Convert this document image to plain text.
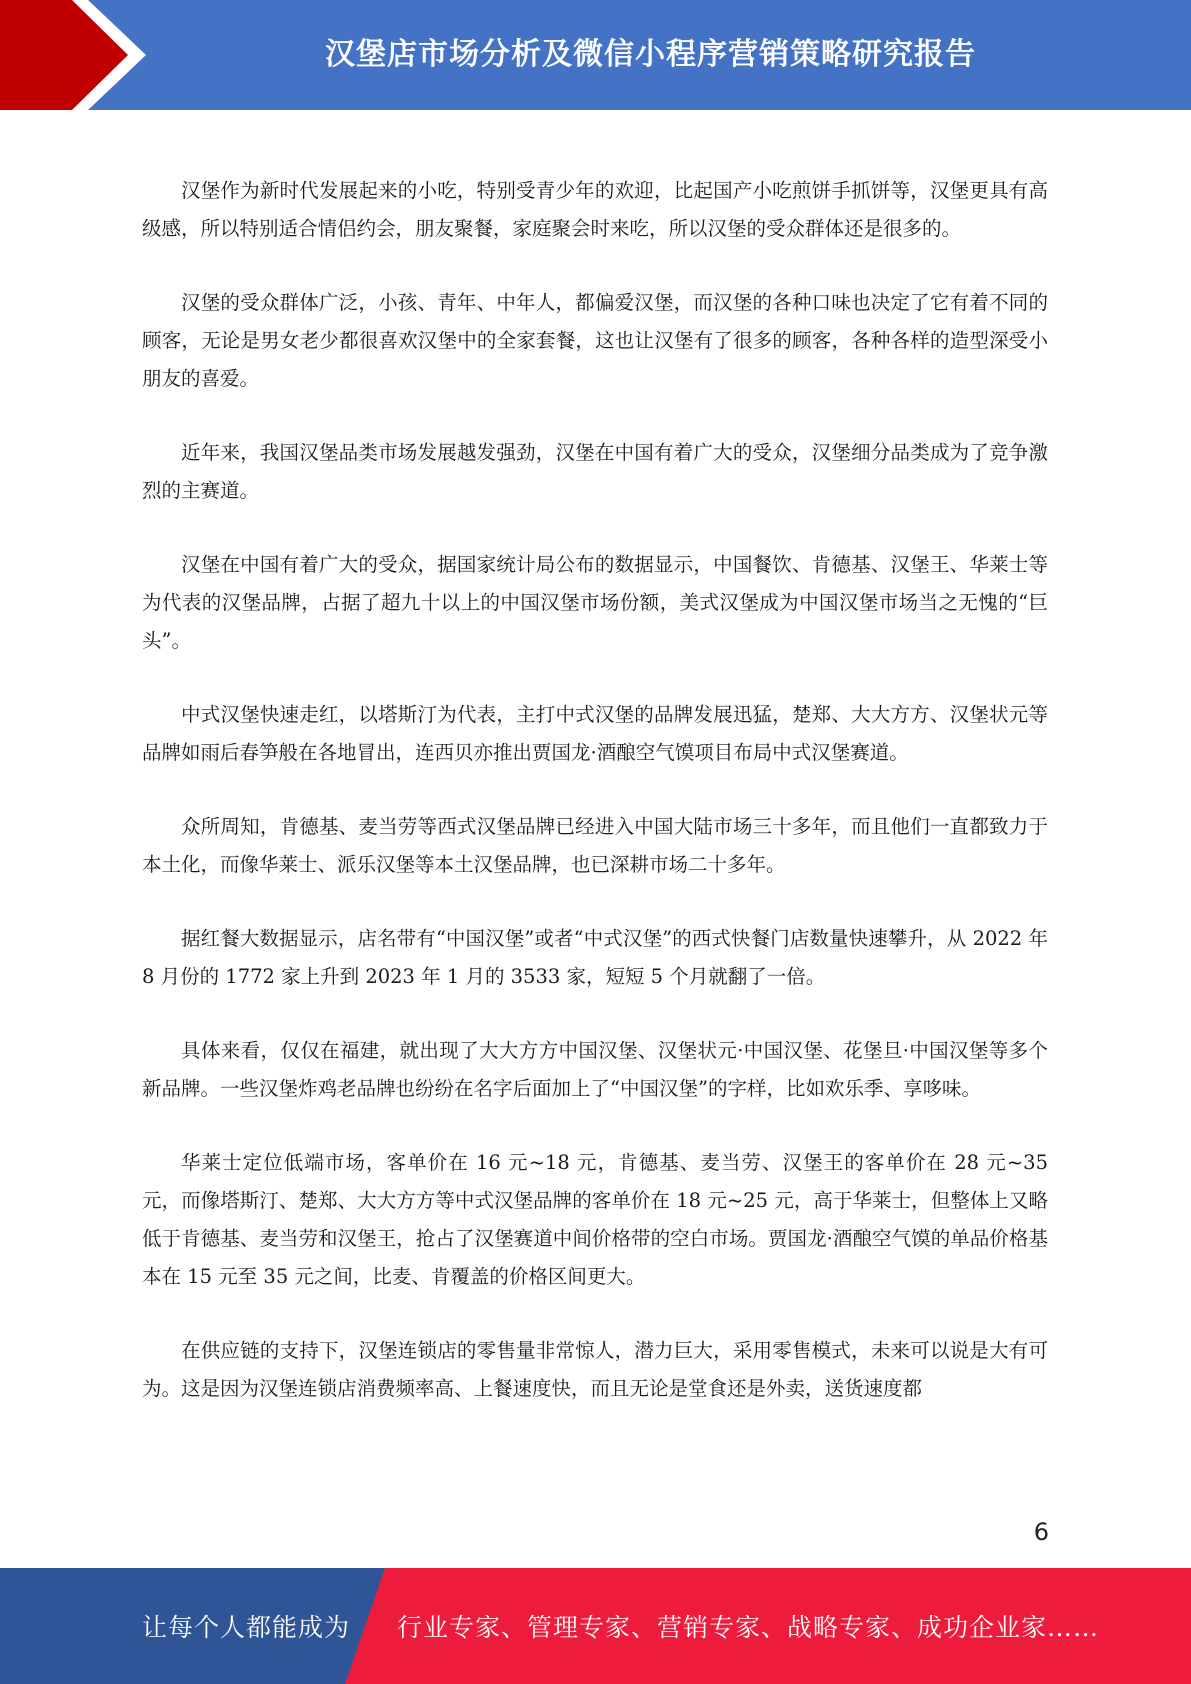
汉堡店市场分析及微信小程序营销策略研究报告

汉堡作为新时代发展起来的小吃，特别受青少年的欢迎，比起国产小吃煎饼手抓饼等，汉堡更具有高级感，所以特别适合情侣约会，朋友聚餐，家庭聚会时来吃，所以汉堡的受众群体还是很多的。

汉堡的受众群体广泛，小孩、青年、中年人，都偏爱汉堡，而汉堡的各种口味也决定了它有着不同的顾客，无论是男女老少都很喜欢汉堡中的全家套餐，这也让汉堡有了很多的顾客，各种各样的造型深受小朋友的喜爱。

近年来，我国汉堡品类市场发展越发强劲，汉堡在中国有着广大的受众，汉堡细分品类成为了竞争激烈的主赛道。

汉堡在中国有着广大的受众，据国家统计局公布的数据显示，中国餐饮、肯德基、汉堡王、华莱士等为代表的汉堡品牌，占据了超九十以上的中国汉堡市场份额，美式汉堡成为中国汉堡市场当之无愧的“巨头”。

中式汉堡快速走红，以塔斯汀为代表，主打中式汉堡的品牌发展迅猛，楚郑、大大方方、汉堡状元等品牌如雨后春笋般在各地冒出，连西贝亦推出贾国龙·酒酿空气馍项目布局中式汉堡赛道。

众所周知，肯德基、麦当劳等西式汉堡品牌已经进入中国大陆市场三十多年，而且他们一直都致力于本土化，而像华莱士、派乐汉堡等本土汉堡品牌，也已深耕市场二十多年。

据红餐大数据显示，店名带有“中国汉堡”或者“中式汉堡”的西式快餐门店数量快速攀升，从 2022 年 8 月份的 1772 家上升到 2023 年 1 月的 3533 家，短短 5 个月就翻了一倍。

具体来看，仅仅在福建，就出现了大大方方中国汉堡、汉堡状元·中国汉堡、花堡旦·中国汉堡等多个新品牌。一些汉堡炸鸡老品牌也纷纷在名字后面加上了“中国汉堡”的字样，比如欢乐季、享哆味。

华莱士定位低端市场，客单价在 16 元~18 元，肯德基、麦当劳、汉堡王的客单价在 28 元~35 元，而像塔斯汀、楚郑、大大方方等中式汉堡品牌的客单价在 18 元~25 元，高于华莱士，但整体上又略低于肯德基、麦当劳和汉堡王，抢占了汉堡赛道中间价格带的空白市场。贾国龙·酒酿空气馍的单品价格基本在 15 元至 35 元之间，比麦、肯覆盖的价格区间更大。

在供应链的支持下，汉堡连锁店的零售量非常惊人，潜力巨大，采用零售模式，未来可以说是大有可为。这是因为汉堡连锁店消费频率高、上餐速度快，而且无论是堂食还是外卖，送货速度都

6
让每个人都能成为 行业专家、管理专家、营销专家、战略专家、成功企业家……
